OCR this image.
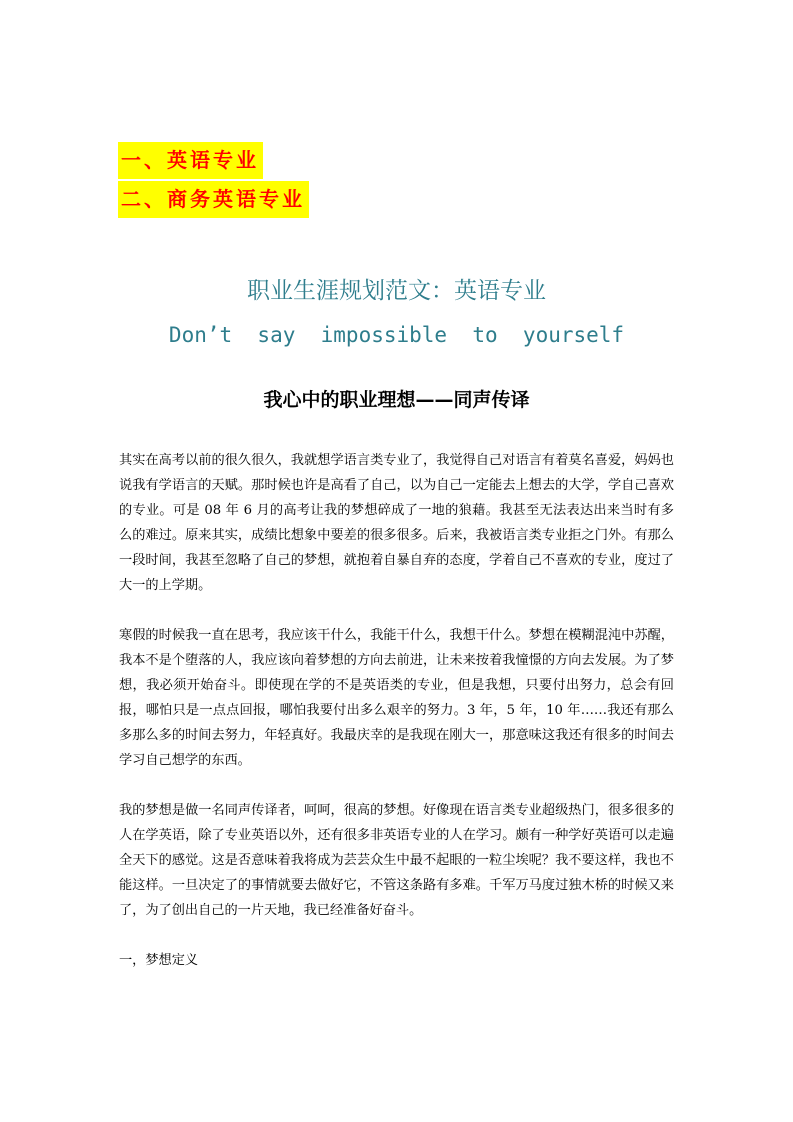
一、英语专业
二、商务英语专业
职业生涯规划范文：英语专业
Don’t  say  impossible  to  yourself
我心中的职业理想——同声传译

其实在高考以前的很久很久，我就想学语言类专业了，我觉得自己对语言有着莫名喜爱，妈妈也说我有学语言的天赋。那时候也许是高看了自己，以为自己一定能去上想去的大学，学自己喜欢的专业。可是 08 年 6 月的高考让我的梦想碎成了一地的狼藉。我甚至无法表达出来当时有多么的难过。原来其实，成绩比想象中要差的很多很多。后来，我被语言类专业拒之门外。有那么一段时间，我甚至忽略了自己的梦想，就抱着自暴自弃的态度，学着自己不喜欢的专业，度过了大一的上学期。

寒假的时候我一直在思考，我应该干什么，我能干什么，我想干什么。梦想在模糊混沌中苏醒，我本不是个堕落的人，我应该向着梦想的方向去前进，让未来按着我憧憬的方向去发展。为了梦想，我必须开始奋斗。即使现在学的不是英语类的专业，但是我想，只要付出努力，总会有回报，哪怕只是一点点回报，哪怕我要付出多么艰辛的努力。3 年，5 年，10 年……我还有那么多那么多的时间去努力，年轻真好。我最庆幸的是我现在刚大一，那意味这我还有很多的时间去学习自己想学的东西。

我的梦想是做一名同声传译者，呵呵，很高的梦想。好像现在语言类专业超级热门，很多很多的人在学英语，除了专业英语以外，还有很多非英语专业的人在学习。颇有一种学好英语可以走遍全天下的感觉。这是否意味着我将成为芸芸众生中最不起眼的一粒尘埃呢？我不要这样，我也不能这样。一旦决定了的事情就要去做好它，不管这条路有多难。千军万马度过独木桥的时候又来了，为了创出自己的一片天地，我已经准备好奋斗。

一，梦想定义
